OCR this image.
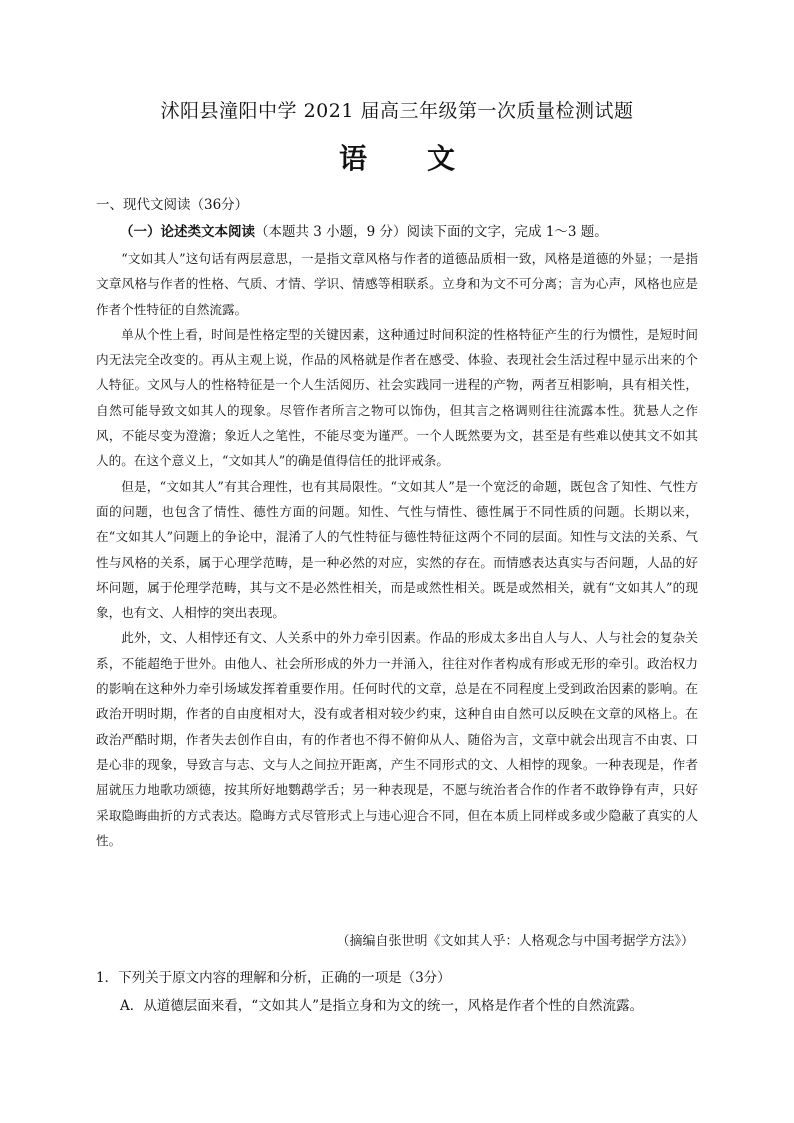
沭阳县潼阳中学 2021 届高三年级第一次质量检测试题
语文
一、现代文阅读（36分）
（一）论述类文本阅读（本题共 3 小题，9 分）阅读下面的文字，完成 1～3 题。

“文如其人”这句话有两层意思，一是指文章风格与作者的道德品质相一致，风格是道德的外显；一是指文章风格与作者的性格、气质、才情、学识、情感等相联系。立身和为文不可分离；言为心声，风格也应是作者个性特征的自然流露。

单从个性上看，时间是性格定型的关键因素，这种通过时间积淀的性格特征产生的行为惯性，是短时间内无法完全改变的。再从主观上说，作品的风格就是作者在感受、体验、表现社会生活过程中显示出来的个人特征。文风与人的性格特征是一个人生活阅历、社会实践同一进程的产物，两者互相影响，具有相关性，自然可能导致文如其人的现象。尽管作者所言之物可以饰伪，但其言之格调则往往流露本性。犹悬人之作风，不能尽变为澄澹；象近人之笔性，不能尽变为谨严。一个人既然要为文，甚至是有些难以使其文不如其人的。在这个意义上，“文如其人”的确是值得信任的批评戒条。

但是，“文如其人”有其合理性，也有其局限性。“文如其人”是一个宽泛的命题，既包含了知性、气性方面的问题，也包含了情性、德性方面的问题。知性、气性与情性、德性属于不同性质的问题。长期以来，在“文如其人”问题上的争论中，混淆了人的气性特征与德性特征这两个不同的层面。知性与文法的关系、气性与风格的关系，属于心理学范畴，是一种必然的对应，实然的存在。而情感表达真实与否问题，人品的好坏问题，属于伦理学范畴，其与文不是必然性相关，而是或然性相关。既是或然相关，就有“文如其人”的现象，也有文、人相悖的突出表现。

此外，文、人相悖还有文、人关系中的外力牵引因素。作品的形成太多出自人与人、人与社会的复杂关系，不能超绝于世外。由他人、社会所形成的外力一并涌入，往往对作者构成有形或无形的牵引。政治权力的影响在这种外力牵引场域发挥着重要作用。任何时代的文章，总是在不同程度上受到政治因素的影响。在政治开明时期，作者的自由度相对大，没有或者相对较少约束，这种自由自然可以反映在文章的风格上。在政治严酷时期，作者失去创作自由，有的作者也不得不俯仰从人、随俗为言，文章中就会出现言不由衷、口是心非的现象，导致言与志、文与人之间拉开距离，产生不同形式的文、人相悖的现象。一种表现是，作者屈就压力地歌功颂德，按其所好地鹦鹉学舌；另一种表现是，不愿与统治者合作的作者不敢铮铮有声，只好采取隐晦曲折的方式表达。隐晦方式尽管形式上与违心迎合不同，但在本质上同样或多或少隐蔽了真实的人性。

（摘编自张世明《文如其人乎：人格观念与中国考据学方法》）
1．下列关于原文内容的理解和分析，正确的一项是（3分）
A．从道德层面来看，“文如其人”是指立身和为文的统一，风格是作者个性的自然流露。
